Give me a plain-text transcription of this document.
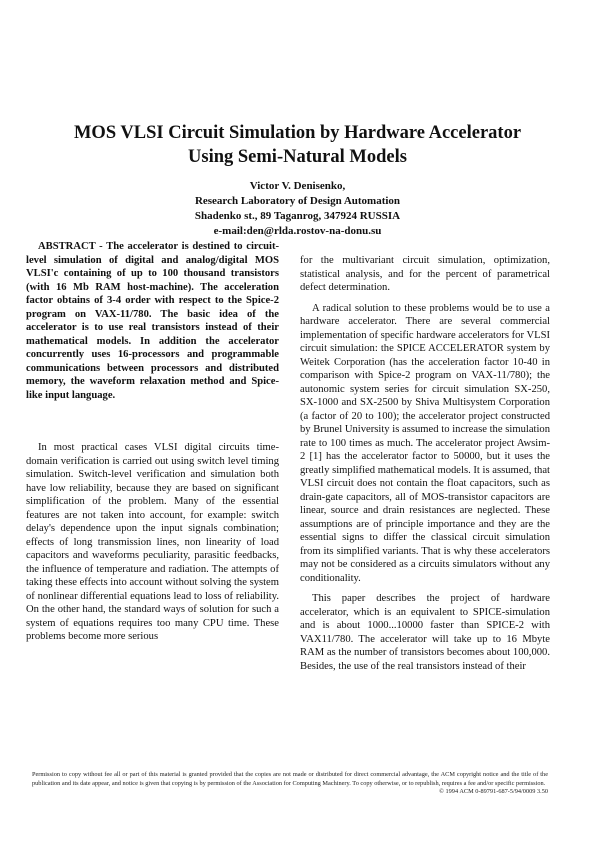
MOS VLSI Circuit Simulation by Hardware Accelerator
Using Semi-Natural Models
Victor V. Denisenko,
Research Laboratory of Design Automation
Shadenko st., 89 Taganrog, 347924 RUSSIA
e-mail:den@rlda.rostov-na-donu.su

ABSTRACT - The accelerator is destined to circuit-level simulation of digital and analog/digital MOS VLSI'c containing of up to 100 thousand transistors (with 16 Mb RAM host-machine). The acceleration factor obtains of 3-4 order with respect to the Spice-2 program on VAX-11/780. The basic idea of the accelerator is to use real transistors instead of their mathematical models. In addition the accelerator concurrently uses 16-processors and programmable communications between processors and distributed memory, the waveform relaxation method and Spice-like input language.

In most practical cases VLSI digital circuits time-domain verification is carried out using switch level timing simulation. Switch-level verification and simulation both have low reliability, because they are based on significant simplification of the problem. Many of the essential features are not taken into account, for example: switch delay's dependence upon the input signals combination; effects of long transmission lines, non linearity of load capacitors and waveforms peculiarity, parasitic feedbacks, the influence of temperature and radiation. The attempts of taking these effects into account without solving the system of nonlinear differential equations lead to loss of reliability. On the other hand, the standard ways of solution for such a system of equations requires too many CPU time. These problems become more serious

for the multivariant circuit simulation, optimization, statistical analysis, and for the percent of parametrical defect determination.

A radical solution to these problems would be to use a hardware accelerator. There are several commercial implementation of specific hardware accelerators for VLSI circuit simulation: the SPICE ACCELERATOR system by Weitek Corporation (has the acceleration factor 10-40 in comparison with Spice-2 program on VAX-11/780); the autonomic system series for circuit simulation SX-250, SX-1000 and SX-2500 by Shiva Multisystem Corporation (a factor of 20 to 100); the accelerator project constructed by Brunel University is assumed to increase the simulation rate to 100 times as much. The accelerator project Awsim-2 [1] has the accelerator factor to 50000, but it uses the greatly simplified mathematical models. It is assumed, that VLSI circuit does not contain the float capacitors, such as drain-gate capacitors, all of MOS-transistor capacitors are linear, source and drain resistances are neglected. These assumptions are of principle importance and they are the essential signs to differ the classical circuit simulation from its simplified variants. That is why these accelerators may not be considered as a circuits simulators without any conditionality.

This paper describes the project of hardware accelerator, which is an equivalent to SPICE-simulation and is about 1000...10000 faster than SPICE-2 with VAX11/780. The accelerator will take up to 16 Mbyte RAM as the number of transistors becomes about 100,000. Besides, the use of the real transistors instead of their

Permission to copy without fee all or part of this material is granted provided that the copies are not made or distributed for direct commercial advantage, the ACM copyright notice and the title of the publication and its date appear, and notice is given that copying is by permission of the Association for Computing Machinery. To copy otherwise, or to republish, requires a fee and/or specific permission.
© 1994 ACM 0-89791-687-5/94/0009 3.50
